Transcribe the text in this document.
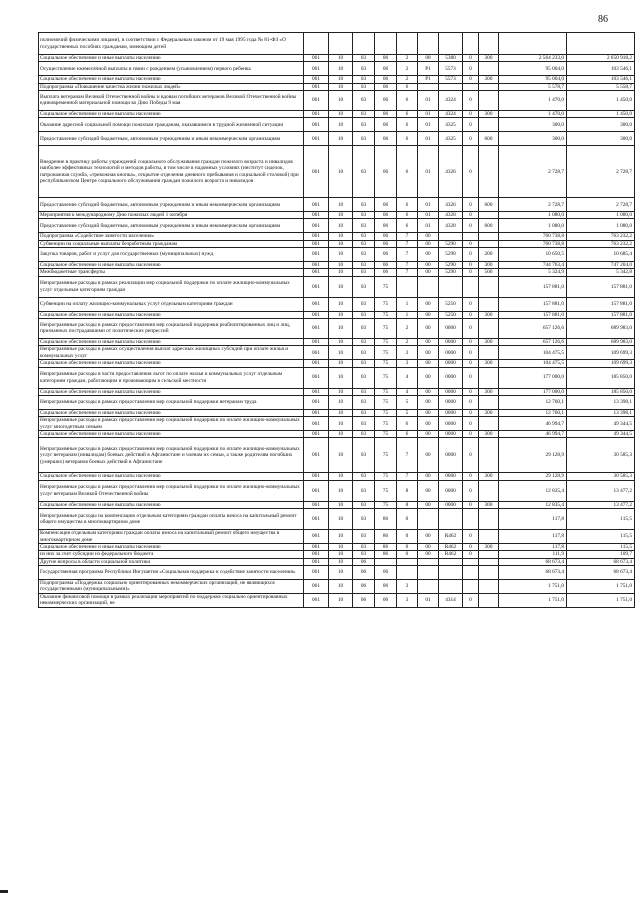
86
полномочий физическими лицами), в соответствии с Федеральным законом от 19 мая 1995 года № 81-ФЗ «О государственных пособиях гражданам, имеющим детей											
Социальное обеспечение и иные выплаты населению	061	10	03	06	2	08	5380	0	300	2 564 233,0	2 650 918,2
Осуществление ежемесячной выплаты в связи с рождением (усыновлением) первого ребенка	061	10	03	06	2	P1	5573	0		95 004,0	103 546,1
Социальное обеспечение и иные выплаты населению	061	10	03	06	2	P1	5573	0	300	95 004,0	103 546,1
Подпрограмма «Повышение качества жизни пожилых людей»	061	10	03	06	6					5 578,7	5 558,7
Выплата ветеранам Великой Отечественной войны и вдовам погибших ветеранов Великой Отечественной войны единовременной материальной помощи ко Дню Победы 9 мая	061	10	03	06	6	01	4324	0		1 470,0	1 450,0
Социальное обеспечение и иные выплаты населению	061	10	03	06	6	01	4324	0	300	1 470,0	1 450,0
Оказание адресной социальной помощи пожилым гражданам, оказавшимся в трудной жизненной ситуации	061	10	03	06	6	01	4325	0		300,0	300,0
Предоставление субсидий бюджетным, автономным учреждениям и иным некоммерческим организациям	061	10	03	06	6	01	4325	0	600	300,0	300,0
Внедрение в практику работы учреждений социального обслуживания граждан пожилого возраста и инвалидов наиболее эффективных технологий и методов работы, в том числе в надомных условиях (институт сиделок, патронажная служба, «тревожная кнопка», открытие отделения дневного пребывания и социальной столовой) при республиканском Центре социального обслуживания граждан пожилого возраста и инвалидов	061	10	03	06	6	01	4326	0		2 728,7	2 728,7
Предоставление субсидий бюджетным, автономным учреждениям и иным некоммерческим организациям	061	10	03	06	6	01	4326	0	600	2 728,7	2 728,7
Мероприятия к международному Дню пожилых людей 1 октября	061	10	03	06	6	01	4328	0		1 080,0	1 080,0
Предоставление субсидий бюджетным, автономным учреждениям и иным некоммерческим организациям	061	10	03	06	6	01	4328	0	600	1 080,0	1 080,0
Подпрограмма «Содействие занятости населения»	061	10	03	06	7	00				760 738,8	763 232,2
Субвенции на социальные выплаты безработным гражданам	061	10	03	06	7	00	5290	0		760 738,8	763 232,2
Закупка товаров, работ и услуг для государственных (муниципальных) нужд	061	10	03	06	7	00	5290	0	200	10 650,5	10 685,4
Социальное обеспечение и иные выплаты населению	061	10	03	06	7	00	5290	0	300	744 763,4	747 204,0
Межбюджетные трансферты	061	10	03	06	7	00	5290	0	500	5 324,9	5 342,8
Непрограммные расходы в рамках реализации мер социальной поддержки по оплате жилищно-коммунальных услуг отдельным категориям граждан	061	10	03	75						157 881,0	157 881,0
Субвенции на оплату жилищно-коммунальных услуг отдельным категориям граждан	061	10	03	75	1	00	5250	0		157 881,0	157 881,0
Социальное обеспечение и иные выплаты населению	061	10	03	75	1	00	5250	0	300	157 881,0	157 881,0
Непрограммные расходы в рамках предоставления мер социальной поддержки реабилитированных лиц и лиц, признанных пострадавшими от политических репрессий	061	10	03	75	2	00	0000	0		657 126,6	689 983,0
Социальное обеспечение и иные выплаты населению	061	10	03	75	2	00	0000	0	300	657 126,6	689 983,0
Непрограммные расходы в рамках осуществления выплат адресных жилищных субсидий при оплате жилья и коммунальных услуг	061	10	03	75	3	00	0000	0		104 475,5	109 699,3
Социальное обеспечение и иные выплаты населению	061	10	03	75	3	00	0000	0	300	104 475,5	109 699,3
Непрограммные расходы в части предоставления льгот по оплате жилья и коммунальных услуг отдельным категориям граждан, работающим и проживающим в сельской местности	061	10	03	75	4	00	0000	0		177 000,0	185 850,0
Социальное обеспечение и иные выплаты населению	061	10	03	75	4	00	0000	0	300	177 000,0	185 850,0
Непрограммные расходы в рамках предоставления мер социальной поддержки ветеранам труда	061	10	03	75	5	00	0000	0		12 760,1	13 398,1
Социальное обеспечение и иные выплаты населению	061	10	03	75	5	00	0000	0	300	12 760,1	13 398,1
Непрограммные расходы в рамках предоставления мер социальной поддержки по оплате жилищно-коммунальных услуг многодетным семьям	061	10	03	75	6	00	0000	0		46 994,7	49 344,5
Социальное обеспечение и иные выплаты населению	061	10	03	75	6	00	0000	0	300	46 994,7	49 344,5
Непрограммные расходы в рамках предоставления мер социальной поддержки по оплате жилищно-коммунальных услуг ветеранам (инвалидам) боевых действий в Афганистане и членам их семьи, а также родителям погибших (умерших) ветеранов боевых действий в Афганистане	061	10	03	75	7	00	0000	0		29 128,9	30 585,3
Социальное обеспечение и иные выплаты населению	061	10	03	75	7	00	0000	0	300	29 128,9	30 585,3
Непрограммные расходы в рамках предоставления мер социальной поддержки по оплате жилищно-коммунальных услуг ветеранам Великой Отечественной войны	061	10	03	75	8	00	0000	0		12 835,4	13 477,2
Социальное обеспечение и иные выплаты населению	061	10	03	75	8	00	0000	0	300	12 835,4	13 477,2
Непрограммные расходы на компенсацию отдельным категориям граждан оплаты взноса на капитальный ремонт общего имущества в многоквартирном доме	061	10	03	86	0					117,8	115,5
Компенсация отдельным категориям граждан оплаты взноса на капитальный ремонт общего имущества в многоквартирном доме	061	10	03	86	0	00	R462	0		117,8	115,5
Социальное обеспечение и иные выплаты населению	061	10	03	86	0	00	R462	0	300	117,8	115,5
из них за счет субсидии из федерального бюджета	061	10	03	86	0	00	R462	0		111,9	109,7
Другие вопросы в области социальной политики	061	10	06							68 673,4	68 673,4
Государственная программа Республики Ингушетия «Социальная поддержка и содействие занятости населения»	061	10	06	06						68 673,4	68 673,4
Подпрограмма «Поддержка социально ориентированных некоммерческих организаций, не являющихся государственными (муниципальными)»	061	10	06	06	3					1 751,0	1 751,0
Оказание финансовой помощи в рамках реализации мероприятий по поддержке социально ориентированных некоммерческих организаций, не	061	10	06	06	3	01	4314	0		1 751,0	1 751,0
